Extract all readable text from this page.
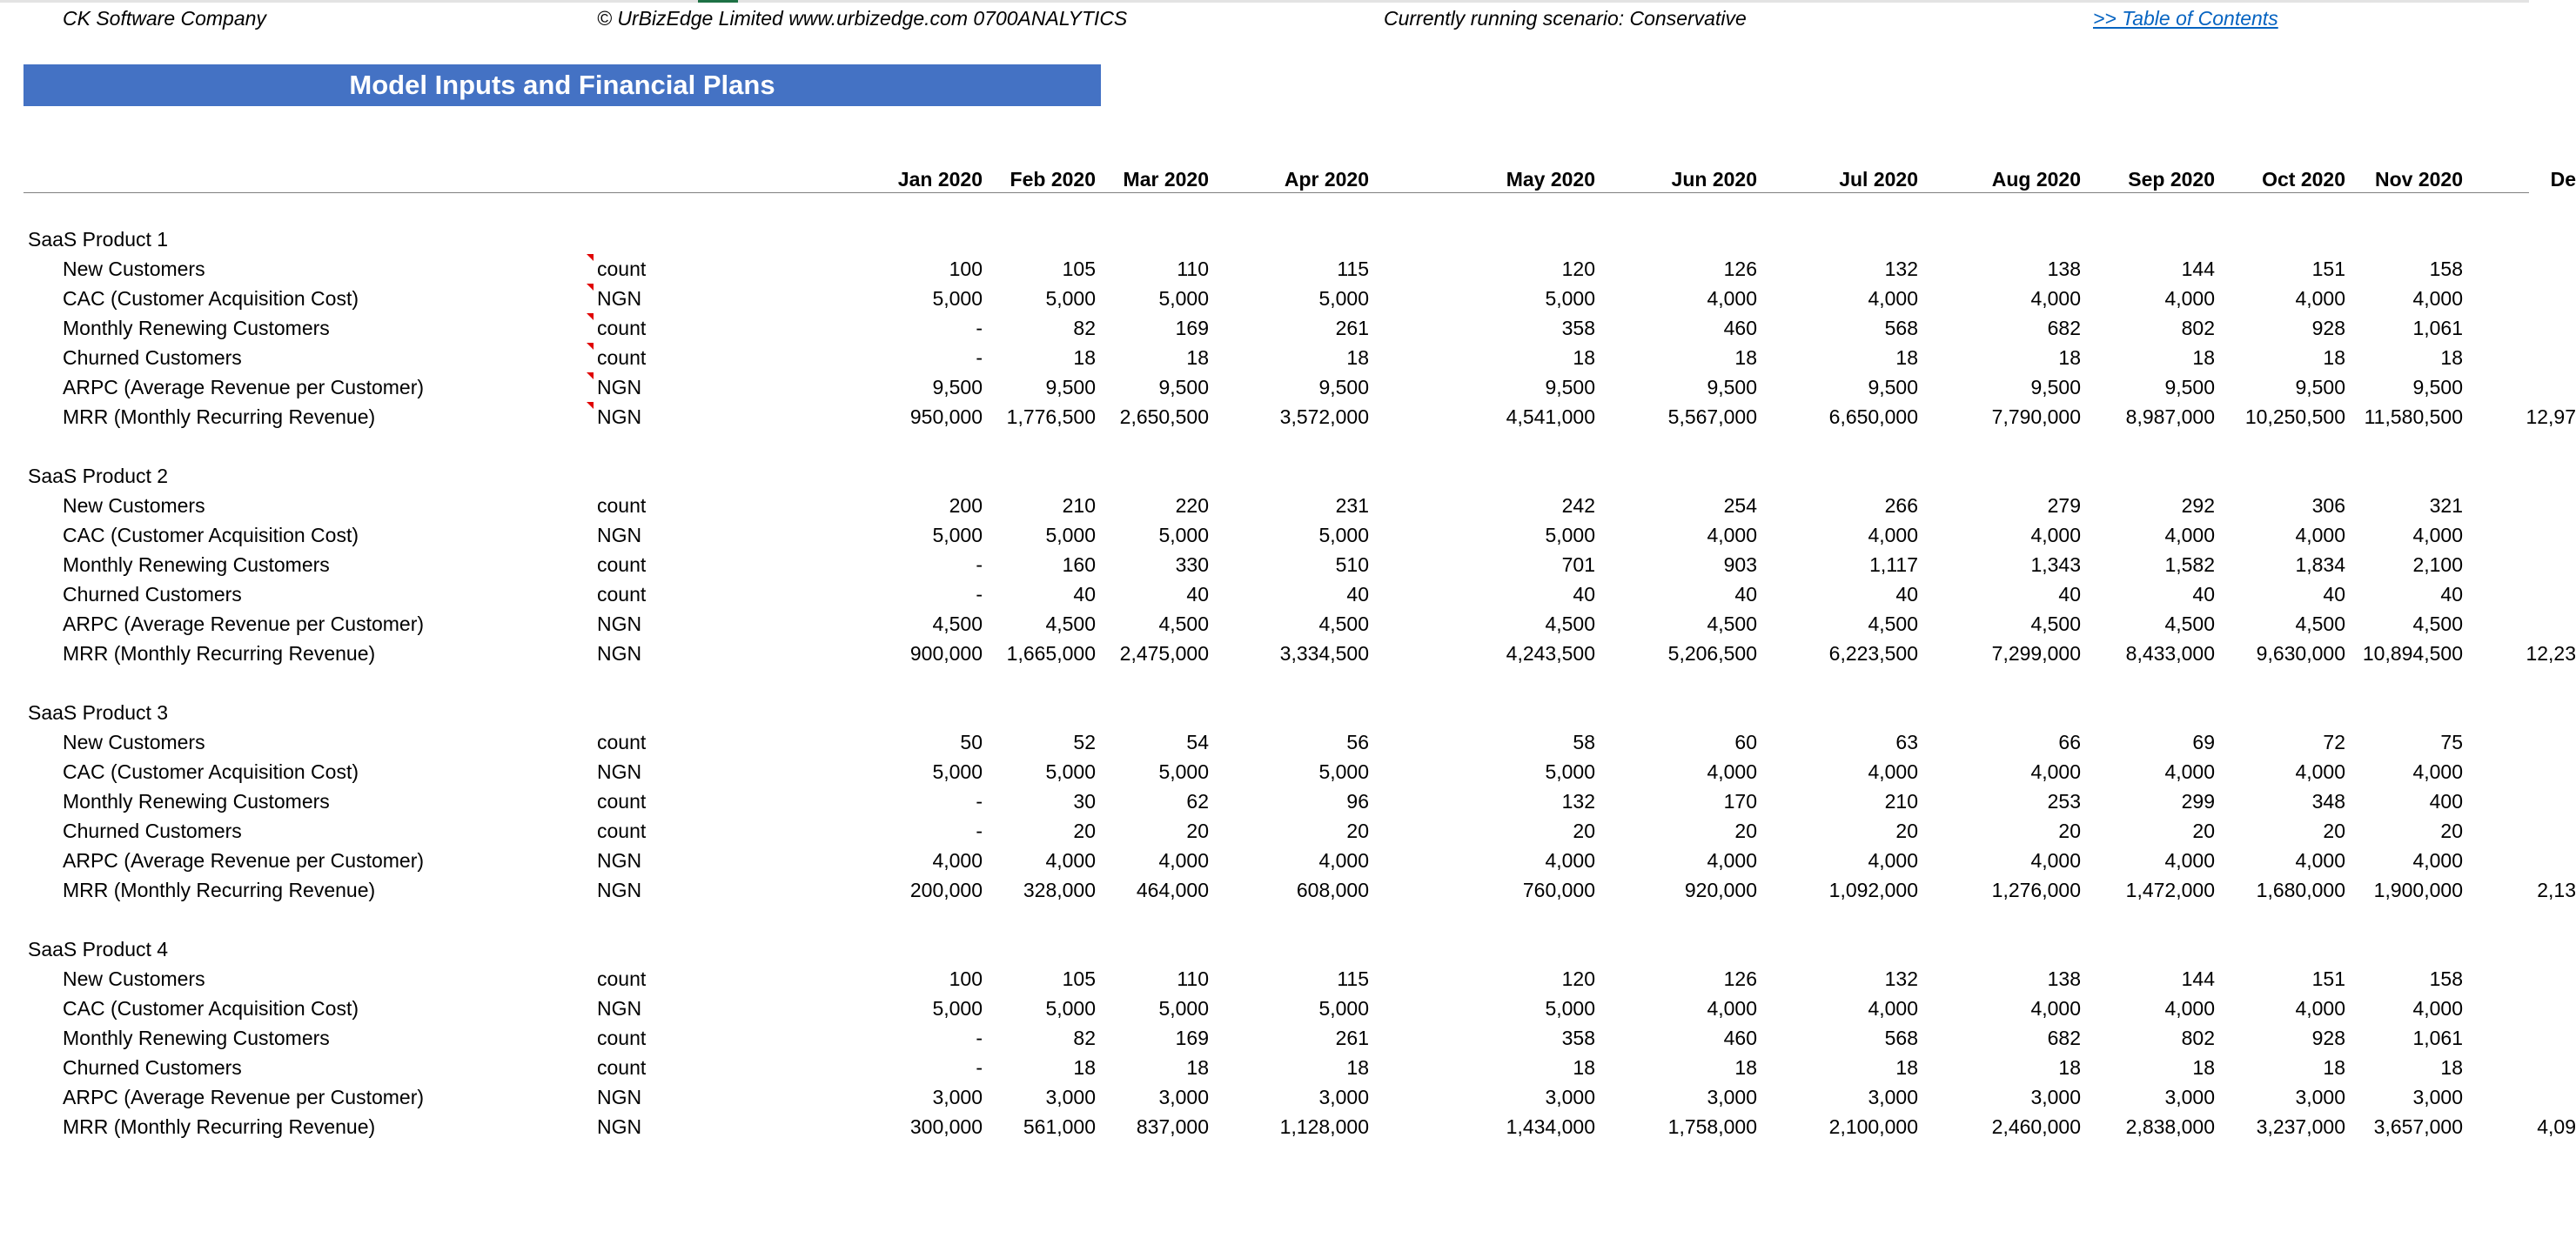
CK Software Company	© UrBizEdge Limited www.urbizedge.com 0700ANALYTICS	Currently running scenario: Conservative	>> Table of Contents
Model Inputs and Financial Plans
Jan 2020	Feb 2020	Mar 2020	Apr 2020	May 2020	Jun 2020	Jul 2020	Aug 2020	Sep 2020	Oct 2020	Nov 2020	De
SaaS Product 1
New Customers	count	100	105	110	115	120	126	132	138	144	151	158
CAC (Customer Acquisition Cost)	NGN	5,000	5,000	5,000	5,000	5,000	4,000	4,000	4,000	4,000	4,000	4,000
Monthly Renewing Customers	count	-	82	169	261	358	460	568	682	802	928	1,061
Churned Customers	count	-	18	18	18	18	18	18	18	18	18	18
ARPC (Average Revenue per Customer)	NGN	9,500	9,500	9,500	9,500	9,500	9,500	9,500	9,500	9,500	9,500	9,500
MRR (Monthly Recurring Revenue)	NGN	950,000	1,776,500	2,650,500	3,572,000	4,541,000	5,567,000	6,650,000	7,790,000	8,987,000	10,250,500 11,580,500	12,97
SaaS Product 2
New Customers	count	200	210	220	231	242	254	266	279	292	306	321
CAC (Customer Acquisition Cost)	NGN	5,000	5,000	5,000	5,000	5,000	4,000	4,000	4,000	4,000	4,000	4,000
Monthly Renewing Customers	count	-	160	330	510	701	903	1,117	1,343	1,582	1,834	2,100
Churned Customers	count	-	40	40	40	40	40	40	40	40	40	40
ARPC (Average Revenue per Customer)	NGN	4,500	4,500	4,500	4,500	4,500	4,500	4,500	4,500	4,500	4,500	4,500
MRR (Monthly Recurring Revenue)	NGN	900,000	1,665,000	2,475,000	3,334,500	4,243,500	5,206,500	6,223,500	7,299,000	8,433,000	9,630,000 10,894,500	12,23
SaaS Product 3
New Customers	count	50	52	54	56	58	60	63	66	69	72	75
CAC (Customer Acquisition Cost)	NGN	5,000	5,000	5,000	5,000	5,000	4,000	4,000	4,000	4,000	4,000	4,000
Monthly Renewing Customers	count	-	30	62	96	132	170	210	253	299	348	400
Churned Customers	count	-	20	20	20	20	20	20	20	20	20	20
ARPC (Average Revenue per Customer)	NGN	4,000	4,000	4,000	4,000	4,000	4,000	4,000	4,000	4,000	4,000	4,000
MRR (Monthly Recurring Revenue)	NGN	200,000	328,000	464,000	608,000	760,000	920,000	1,092,000	1,276,000	1,472,000	1,680,000	1,900,000	2,13
SaaS Product 4
New Customers	count	100	105	110	115	120	126	132	138	144	151	158
CAC (Customer Acquisition Cost)	NGN	5,000	5,000	5,000	5,000	5,000	4,000	4,000	4,000	4,000	4,000	4,000
Monthly Renewing Customers	count	-	82	169	261	358	460	568	682	802	928	1,061
Churned Customers	count	-	18	18	18	18	18	18	18	18	18	18
ARPC (Average Revenue per Customer)	NGN	3,000	3,000	3,000	3,000	3,000	3,000	3,000	3,000	3,000	3,000	3,000
MRR (Monthly Recurring Revenue)	NGN	300,000	561,000	837,000	1,128,000	1,434,000	1,758,000	2,100,000	2,460,000	2,838,000	3,237,000	3,657,000	4,09
